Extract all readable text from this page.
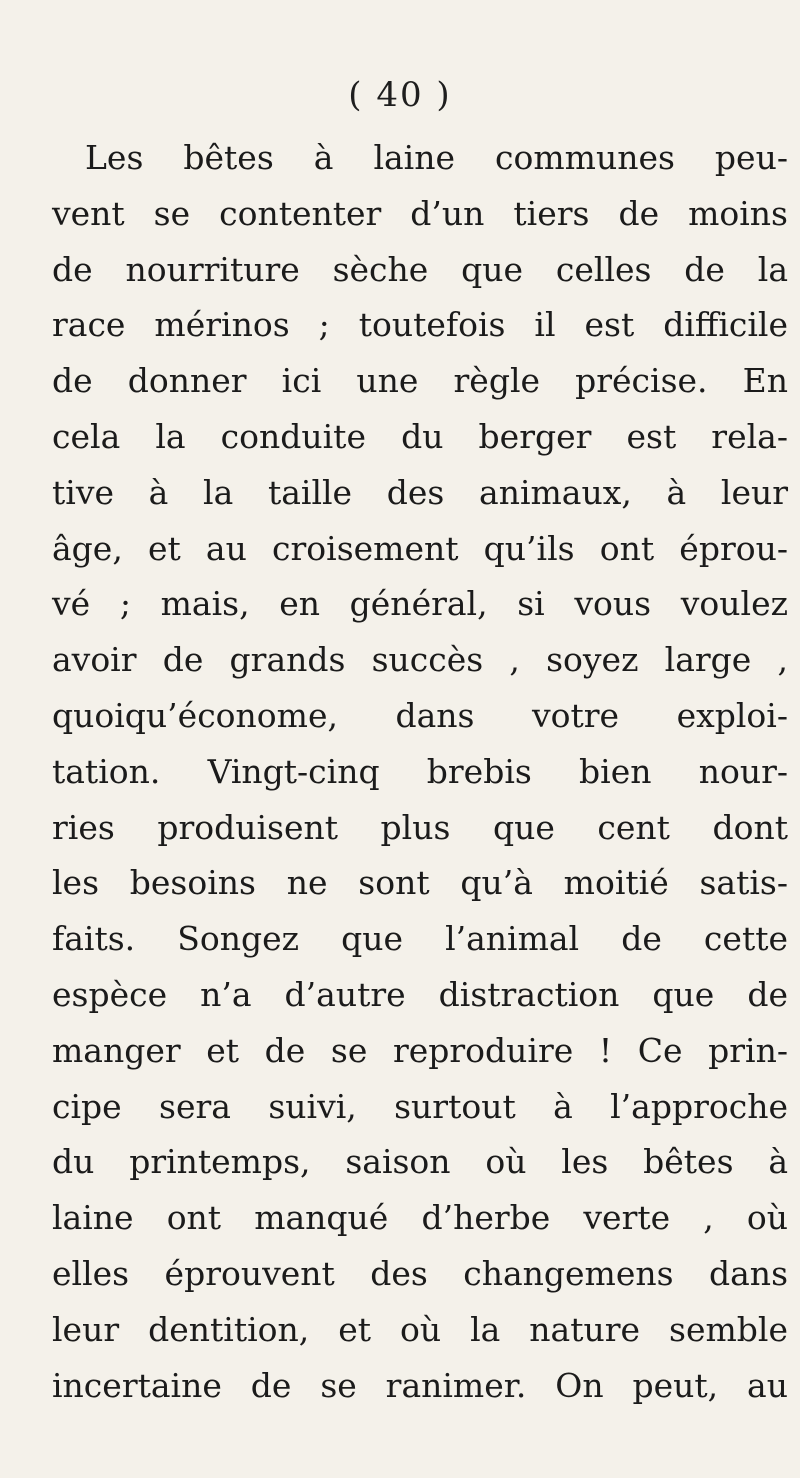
( 40 )
Les bêtes à laine communes peu-
vent se contenter d’un tiers de moins
de nourriture sèche que celles de la
race mérinos ; toutefois il est difficile
de donner ici une règle précise. En
cela la conduite du berger est rela-
tive à la taille des animaux, à leur
âge, et au croisement qu’ils ont éprou-
vé ; mais, en général, si vous voulez
avoir de grands succès , soyez large ,
quoiqu’économe, dans votre exploi-
tation. Vingt-cinq brebis bien nour-
ries produisent plus que cent dont
les besoins ne sont qu’à moitié satis-
faits. Songez que l’animal de cette
espèce n’a d’autre distraction que de
manger et de se reproduire ! Ce prin-
cipe sera suivi, surtout à l’approche
du printemps, saison où les bêtes à
laine ont manqué d’herbe verte , où
elles éprouvent des changemens dans
leur dentition, et où la nature semble
incertaine de se ranimer. On peut, au
